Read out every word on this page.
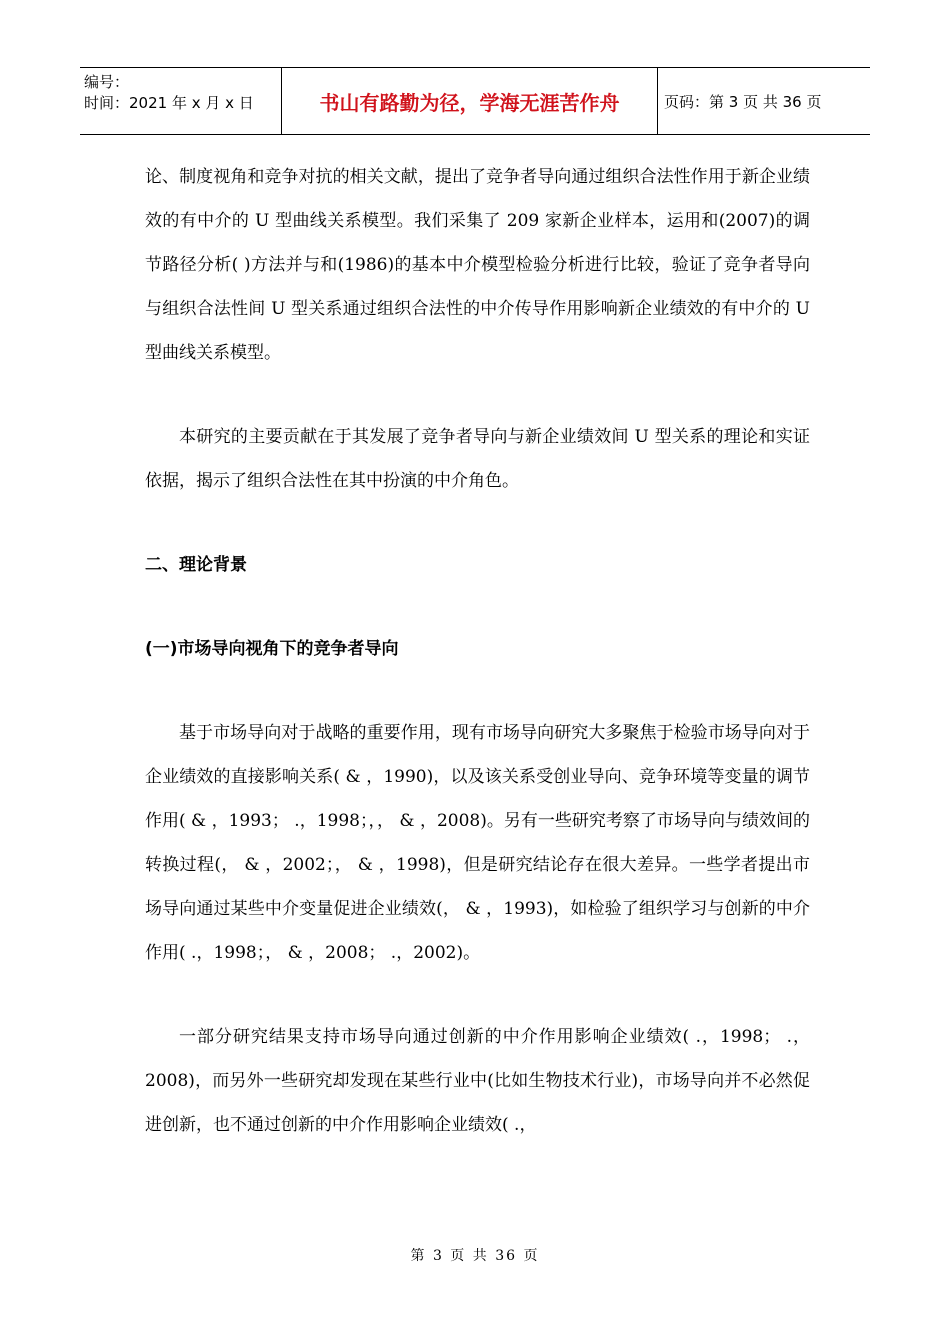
编号：
时间：2021 年 x 月 x 日	书山有路勤为径，学海无涯苦作舟	页码：第 3 页 共 36 页

论、制度视角和竞争对抗的相关文献，提出了竞争者导向通过组织合法性作用于新企业绩效的有中介的 U 型曲线关系模型。我们采集了 209 家新企业样本，运用和(2007)的调节路径分析( )方法并与和(1986)的基本中介模型检验分析进行比较，验证了竞争者导向与组织合法性间 U 型关系通过组织合法性的中介传导作用影响新企业绩效的有中介的 U 型曲线关系模型。

本研究的主要贡献在于其发展了竞争者导向与新企业绩效间 U 型关系的理论和实证依据，揭示了组织合法性在其中扮演的中介角色。

二、理论背景

(一)市场导向视角下的竞争者导向

基于市场导向对于战略的重要作用，现有市场导向研究大多聚焦于检验市场导向对于企业绩效的直接影响关系( & ，1990)，以及该关系受创业导向、竞争环境等变量的调节作用( & ，1993； .，1998；，， & ，2008)。另有一些研究考察了市场导向与绩效间的转换过程(， & ，2002；， & ，1998)，但是研究结论存在很大差异。一些学者提出市场导向通过某些中介变量促进企业绩效(， & ，1993)，如检验了组织学习与创新的中介作用( .，1998；， & ，2008； .，2002)。

一部分研究结果支持市场导向通过创新的中介作用影响企业绩效( .，1998； .，2008)，而另外一些研究却发现在某些行业中(比如生物技术行业)，市场导向并不必然促进创新，也不通过创新的中介作用影响企业绩效( .，

第 3 页 共 36 页
